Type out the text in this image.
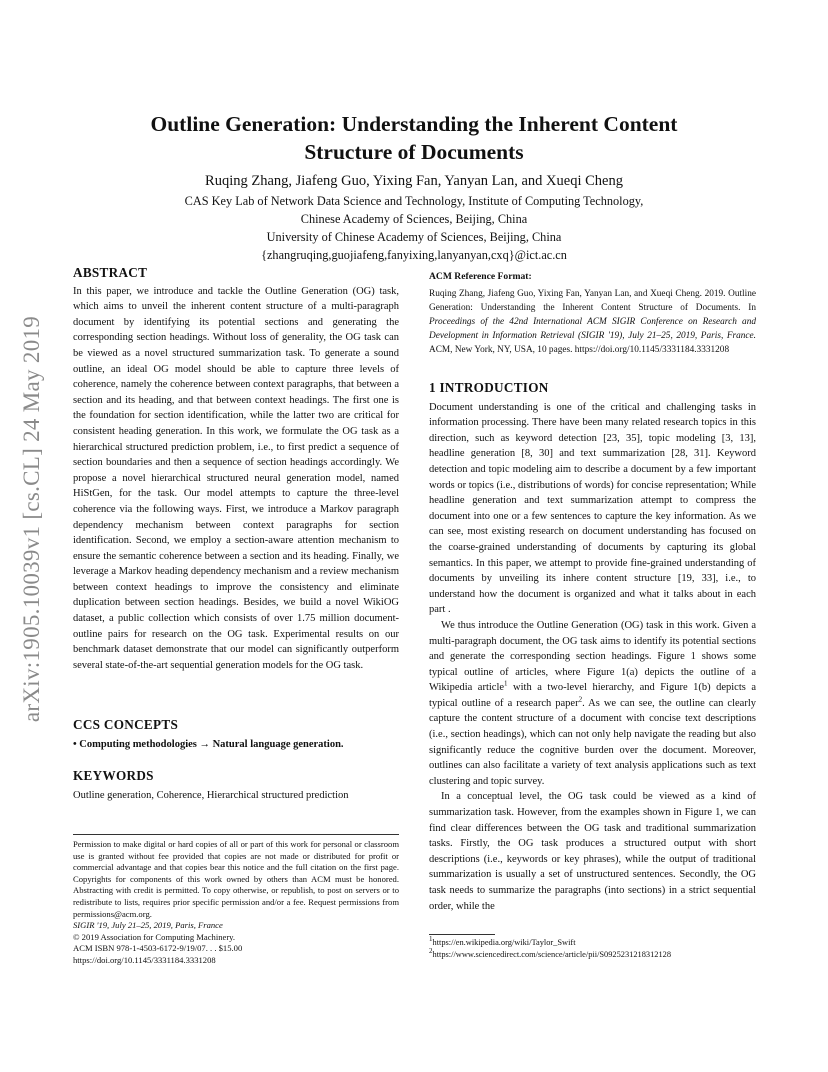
arXiv:1905.10039v1 [cs.CL] 24 May 2019
Outline Generation: Understanding the Inherent Content
Structure of Documents
Ruqing Zhang, Jiafeng Guo, Yixing Fan, Yanyan Lan, and Xueqi Cheng
CAS Key Lab of Network Data Science and Technology, Institute of Computing Technology,
Chinese Academy of Sciences, Beijing, China
University of Chinese Academy of Sciences, Beijing, China
{zhangruqing,guojiafeng,fanyixing,lanyanyan,cxq}@ict.ac.cn
ABSTRACT

In this paper, we introduce and tackle the Outline Generation (OG) task, which aims to unveil the inherent content structure of a multi-paragraph document by identifying its potential sections and generating the corresponding section headings. Without loss of generality, the OG task can be viewed as a novel structured summarization task. To generate a sound outline, an ideal OG model should be able to capture three levels of coherence, namely the coherence between context paragraphs, that between a section and its heading, and that between context headings. The first one is the foundation for section identification, while the latter two are critical for consistent heading generation. In this work, we formulate the OG task as a hierarchical structured prediction problem, i.e., to first predict a sequence of section boundaries and then a sequence of section headings accordingly. We propose a novel hierarchical structured neural generation model, named HiStGen, for the task. Our model attempts to capture the three-level coherence via the following ways. First, we introduce a Markov paragraph dependency mechanism between context paragraphs for section identification. Second, we employ a section-aware attention mechanism to ensure the semantic coherence between a section and its heading. Finally, we leverage a Markov heading dependency mechanism and a review mechanism between context headings to improve the consistency and eliminate duplication between section headings. Besides, we build a novel WikiOG dataset, a public collection which consists of over 1.75 million document-outline pairs for research on the OG task. Experimental results on our benchmark dataset demonstrate that our model can significantly outperform several state-of-the-art sequential generation models for the OG task.

CCS CONCEPTS

• Computing methodologies → Natural language generation.

KEYWORDS

Outline generation, Coherence, Hierarchical structured prediction

Permission to make digital or hard copies of all or part of this work for personal or classroom use is granted without fee provided that copies are not made or distributed for profit or commercial advantage and that copies bear this notice and the full citation on the first page. Copyrights for components of this work owned by others than ACM must be honored. Abstracting with credit is permitted. To copy otherwise, or republish, to post on servers or to redistribute to lists, requires prior specific permission and/or a fee. Request permissions from permissions@acm.org.

SIGIR '19, July 21–25, 2019, Paris, France

© 2019 Association for Computing Machinery.

ACM ISBN 978-1-4503-6172-9/19/07. . . $15.00

https://doi.org/10.1145/3331184.3331208

ACM Reference Format:
Ruqing Zhang, Jiafeng Guo, Yixing Fan, Yanyan Lan, and Xueqi Cheng. 2019. Outline Generation: Understanding the Inherent Content Structure of Documents. In Proceedings of the 42nd International ACM SIGIR Conference on Research and Development in Information Retrieval (SIGIR '19), July 21–25, 2019, Paris, France. ACM, New York, NY, USA, 10 pages. https://doi.org/10.1145/3331184.3331208
1 INTRODUCTION

Document understanding is one of the critical and challenging tasks in information processing. There have been many related research topics in this direction, such as keyword detection [23, 35], topic modeling [3, 13], headline generation [8, 30] and text summarization [28, 31]. Keyword detection and topic modeling aim to describe a document by a few important words or topics (i.e., distributions of words) for concise representation; While headline generation and text summarization attempt to compress the document into one or a few sentences to capture the key information. As we can see, most existing research on document understanding has focused on the coarse-grained understanding of documents by capturing its global semantics. In this paper, we attempt to provide fine-grained understanding of documents by unveiling its inhere content structure [19, 33], i.e., to understand how the document is organized and what it talks about in each part .

We thus introduce the Outline Generation (OG) task in this work. Given a multi-paragraph document, the OG task aims to identify its potential sections and generate the corresponding section headings. Figure 1 shows some typical outline of articles, where Figure 1(a) depicts the outline of a Wikipedia article$^1$ with a two-level hierarchy, and Figure 1(b) depicts a typical outline of a research paper$^2$. As we can see, the outline can clearly capture the content structure of a document with concise text descriptions (i.e., section headings), which can not only help navigate the reading but also significantly reduce the cognitive burden over the document. Moreover, outlines can also facilitate a variety of text analysis applications such as text clustering and topic survey.

In a conceptual level, the OG task could be viewed as a kind of summarization task. However, from the examples shown in Figure 1, we can find clear differences between the OG task and traditional summarization tasks. Firstly, the OG task produces a structured output with short descriptions (i.e., keywords or key phrases), while the output of traditional summarization is usually a set of unstructured sentences. Secondly, the OG task needs to summarize the paragraphs (into sections) in a strict sequential order, while the

$^1$https://en.wikipedia.org/wiki/Taylor_Swift
$^2$https://www.sciencedirect.com/science/article/pii/S0925231218312128
